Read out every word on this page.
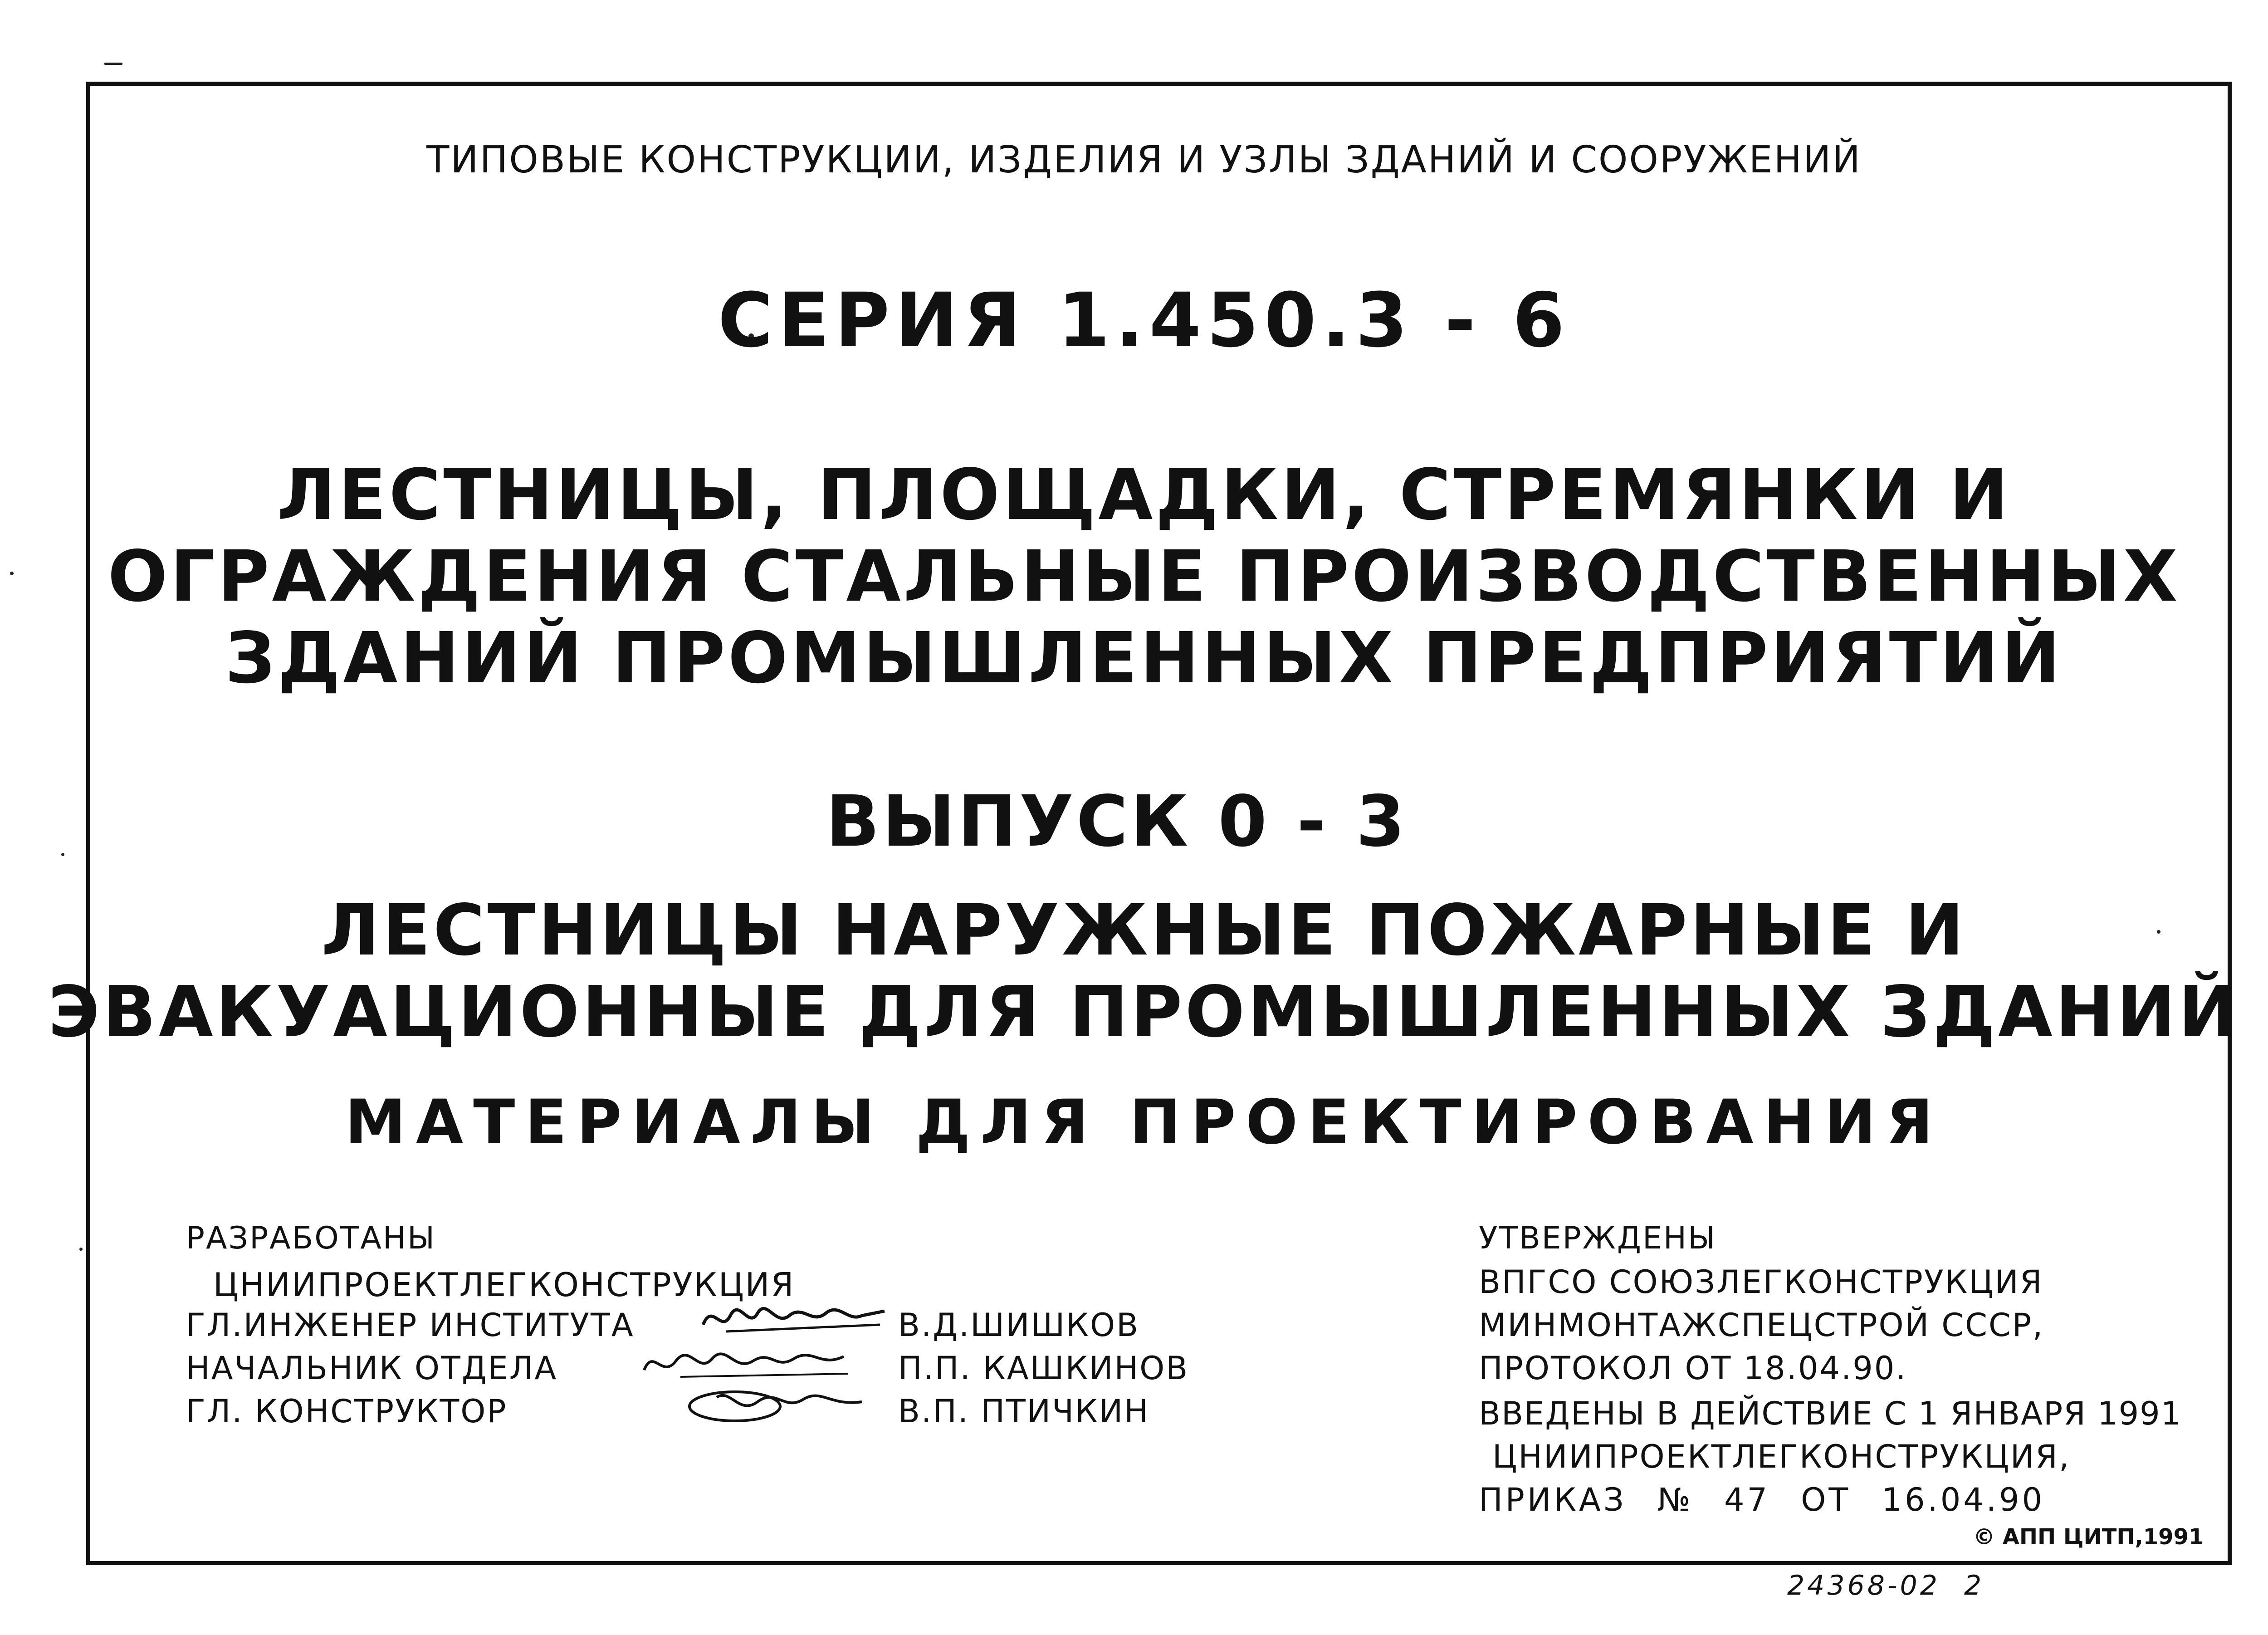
ТИПОВЫЕ КОНСТРУКЦИИ, ИЗДЕЛИЯ И УЗЛЫ ЗДАНИЙ И СООРУЖЕНИЙ
СЕРИЯ 1.450.3 - 6
ЛЕСТНИЦЫ, ПЛОЩАДКИ, СТРЕМЯНКИ И
ОГРАЖДЕНИЯ СТАЛЬНЫЕ ПРОИЗВОДСТВЕННЫХ
ЗДАНИЙ ПРОМЫШЛЕННЫХ ПРЕДПРИЯТИЙ
ВЫПУСК 0 - 3
ЛЕСТНИЦЫ НАРУЖНЫЕ ПОЖАРНЫЕ И
ЭВАКУАЦИОННЫЕ ДЛЯ ПРОМЫШЛЕННЫХ ЗДАНИЙ
МАТЕРИАЛЫ ДЛЯ ПРОЕКТИРОВАНИЯ
РАЗРАБОТАНЫ
ЦНИИПРОЕКТЛЕГКОНСТРУКЦИЯ
ГЛ.ИНЖЕНЕР ИНСТИТУТА
НАЧАЛЬНИК ОТДЕЛА
ГЛ. КОНСТРУКТОР
В.Д.ШИШКОВ
П.П. КАШКИНОВ
В.П. ПТИЧКИН
УТВЕРЖДЕНЫ
ВПГСО СОЮЗЛЕГКОНСТРУКЦИЯ
МИНМОНТАЖСПЕЦСТРОЙ СССР,
ПРОТОКОЛ ОТ 18.04.90.
ВВЕДЕНЫ В ДЕЙСТВИЕ С 1 ЯНВАРЯ 1991
ЦНИИПРОЕКТЛЕГКОНСТРУКЦИЯ,
ПРИКАЗ № 47 ОТ 16.04.90
© АПП ЦИТП,1991
24368-02 2
